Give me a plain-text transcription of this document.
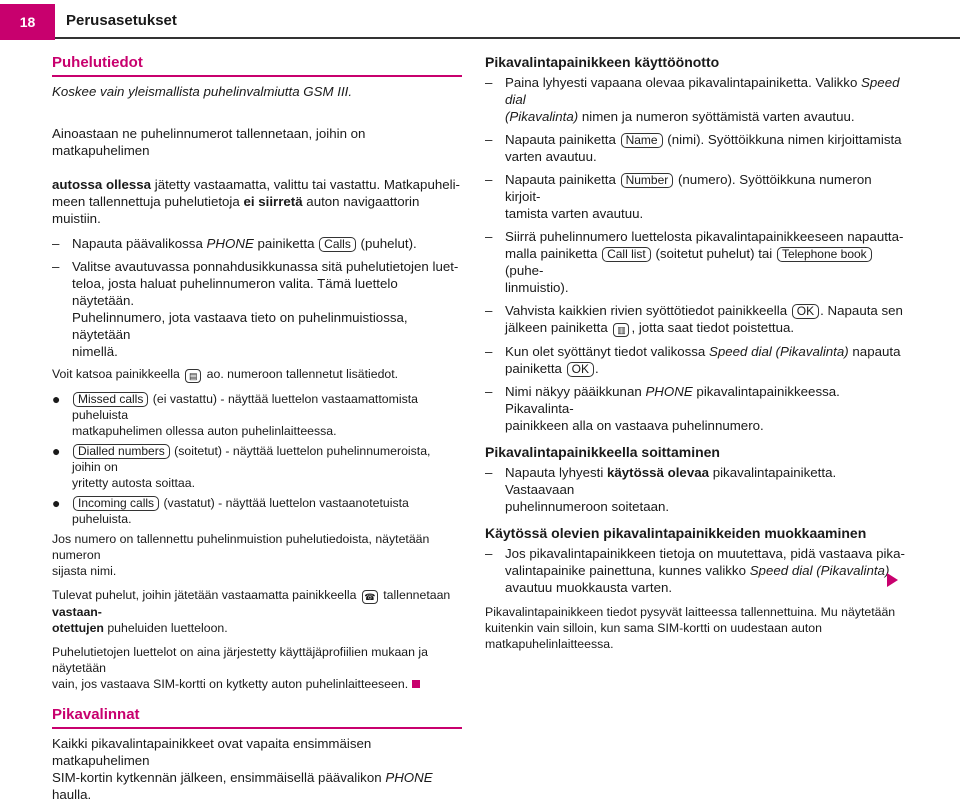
18	Perusasetukset
Puhelutiedot

Koskee vain yleismallista puhelinvalmiutta GSM III.

Ainoastaan ne puhelinnumerot tallennetaan, joihin on matkapuhelimen

autossa ollessa jätetty vastaamatta, valittu tai vastattu. Matkapuheli-
meen tallennettuja puhelutietoja ei siirretä auton navigaattorin muistiin.

– Napauta päävalikossa PHONE painiketta Calls (puhelut).
– Valitse avautuvassa ponnahdusikkunassa sitä puhelutietojen luet-
teloa, josta haluat puhelinnumeron valita. Tämä luettelo näytetään.
Puhelinnumero, jota vastaava tieto on puhelinmuistiossa, näytetään
nimellä.

Voit katsoa painikkeella ▤ ao. numeroon tallennetut lisätiedot.

●	Missed calls (ei vastattu) - näyttää luettelon vastaamattomista puheluista
matkapuhelimen ollessa auton puhelinlaitteessa.
●	Dialled numbers (soitetut) - näyttää luettelon puhelinnumeroista, joihin on
yritetty autosta soittaa.
●	Incoming calls (vastatut) - näyttää luettelon vastaanotetuista puheluista.

Jos numero on tallennettu puhelinmuistion puhelutiedoista, näytetään numeron
sijasta nimi.

Tulevat puhelut, joihin jätetään vastaamatta painikkeella ☎ tallennetaan vastaan-
otettujen puheluiden luetteloon.

Puhelutietojen luettelot on aina järjestetty käyttäjäprofiilien mukaan ja näytetään
vain, jos vastaava SIM-kortti on kytketty auton puhelinlaitteeseen.

Pikavalinnat

Kaikki pikavalintapainikkeet ovat vapaita ensimmäisen matkapuhelimen
SIM-kortin kytkennän jälkeen, ensimmäisellä päävalikon PHONE haulla.

Pikavalintapainikkeen käyttöönotto
– Paina lyhyesti vapaana olevaa pikavalintapainiketta. Valikko Speed dial
(Pikavalinta) nimen ja numeron syöttämistä varten avautuu.
– Napauta painiketta Name (nimi). Syöttöikkuna nimen kirjoittamista
varten avautuu.
– Napauta painiketta Number (numero). Syöttöikkuna numeron kirjoit-
tamista varten avautuu.
– Siirrä puhelinnumero luettelosta pikavalintapainikkeeseen napautta-
malla painiketta Call list (soitetut puhelut) tai Telephone book (puhe-
linmuistio).
– Vahvista kaikkien rivien syöttötiedot painikkeella OK . Napauta sen
jälkeen painiketta ▥ , jotta saat tiedot poistettua.
– Kun olet syöttänyt tiedot valikossa Speed dial (Pikavalinta) napauta
painiketta OK .
– Nimi näkyy pääikkunan PHONE pikavalintapainikkeessa. Pikavalinta-
painikkeen alla on vastaava puhelinnumero.
Pikavalintapainikkeella soittaminen
– Napauta lyhyesti käytössä olevaa pikavalintapainiketta. Vastaavaan
puhelinnumeroon soitetaan.
Käytössä olevien pikavalintapainikkeiden muokkaaminen
– Jos pikavalintapainikkeen tietoja on muutettava, pidä vastaava pika-
valintapainike painettuna, kunnes valikko Speed dial (Pikavalinta)
avautuu muokkausta varten.

Pikavalintapainikkeen tiedot pysyvät laitteessa tallennettuina. Mu näytetään
kuitenkin vain silloin, kun sama SIM-kortti on uudestaan auton matkapuhelinlaitteessa.
